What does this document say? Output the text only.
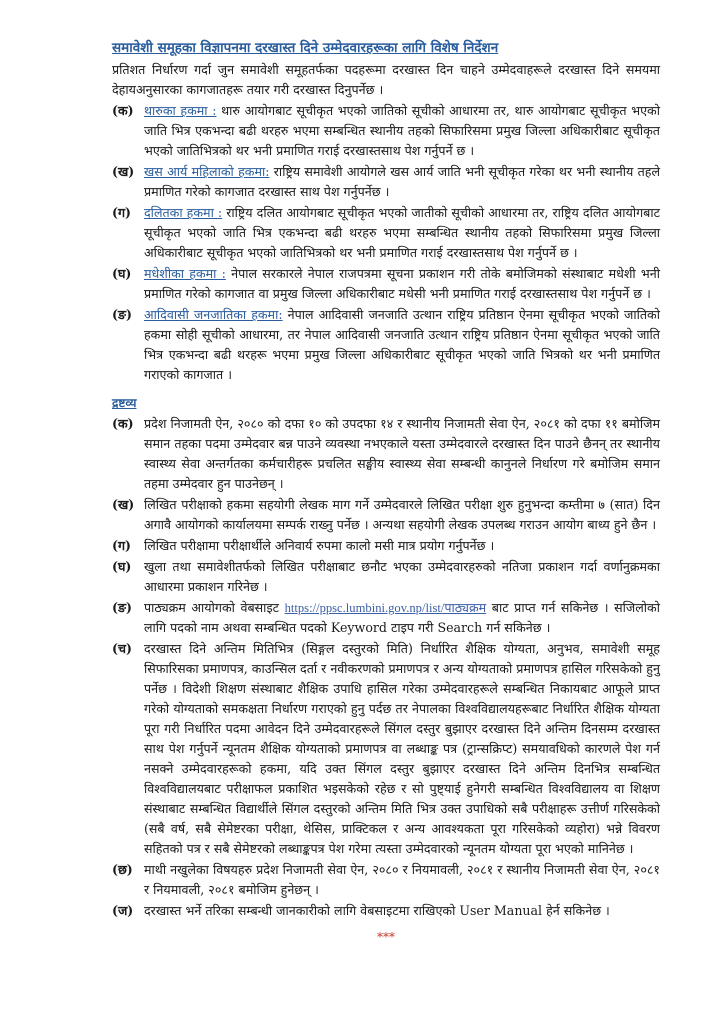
समावेशी समूहका विज्ञापनमा दरखास्त दिने उम्मेदवारहरूका लागि विशेष निर्देशन
प्रतिशत निर्धारण गर्दा जुन समावेशी समूहतर्फका पदहरूमा दरखास्त दिन चाहने उम्मेदवाहरूले दरखास्त दिने समयमा देहायअनुसारका कागजातहरू तयार गरी दरखास्त दिनुपर्नेछ ।
(क) थारुका हकमा : थारु आयोगबाट सूचीकृत भएको जातिको सूचीको आधारमा तर, थारु आयोगबाट सूचीकृत भएको जाति भित्र एकभन्दा बढी थरहरु भएमा सम्बन्धित स्थानीय तहको सिफारिसमा प्रमुख जिल्ला अधिकारीबाट सूचीकृत भएको जातिभित्रको थर भनी प्रमाणित गराई दरखास्तसाथ पेश गर्नुपर्ने छ ।
(ख) खस आर्य महिलाको हकमा: राष्ट्रिय समावेशी आयोगले खस आर्य जाति भनी सूचीकृत गरेका थर भनी स्थानीय तहले प्रमाणित गरेको कागजात दरखास्त साथ पेश गर्नुपर्नेछ ।
(ग)	दलितका हकमा : राष्ट्रिय दलित आयोगबाट सूचीकृत भएको जातीको सूचीको आधारमा तर, राष्ट्रिय दलित आयोगबाट सूचीकृत भएको जाति भित्र एकभन्दा बढी थरहरु भएमा सम्बन्धित स्थानीय तहको सिफारिसमा प्रमुख जिल्ला अधिकारीबाट सूचीकृत भएको जातिभित्रको थर भनी प्रमाणित गराई दरखास्तसाथ पेश गर्नुपर्ने छ ।
(घ)	मधेशीका हकमा : नेपाल सरकारले नेपाल राजपत्रमा सूचना प्रकाशन गरी तोके बमोजिमको संस्थाबाट मधेशी भनी प्रमाणित गरेको कागजात वा प्रमुख जिल्ला अधिकारीबाट मधेसी भनी प्रमाणित गराई दरखास्तसाथ पेश गर्नुपर्ने छ ।
(ङ) आदिवासी जनजातिका हकमा: नेपाल आदिवासी जनजाति उत्थान राष्ट्रिय प्रतिष्ठान ऐनमा सूचीकृत भएको जातिको हकमा सोही सूचीको आधारमा, तर नेपाल आदिवासी जनजाति उत्थान राष्ट्रिय प्रतिष्ठान ऐनमा सूचीकृत भएको जाति भित्र एकभन्दा बढी थरहरू भएमा प्रमुख जिल्ला अधिकारीबाट सूचीकृत भएको जाति भित्रको थर भनी प्रमाणित गराएको कागजात ।
द्रष्टव्य
(क) प्रदेश निजामती ऐन, २०८० को दफा १० को उपदफा १४ र स्थानीय निजामती सेवा ऐन, २०८१ को दफा ११ बमोजिम समान तहका पदमा उम्मेदवार बन्न पाउने व्यवस्था नभएकाले यस्ता उम्मेदवारले दरखास्त दिन पाउने छैनन् तर स्थानीय स्वास्थ्य सेवा अन्तर्गतका कर्मचारीहरू प्रचलित सङ्घीय स्वास्थ्य सेवा सम्बन्धी कानुनले निर्धारण गरे बमोजिम समान तहमा उम्मेदवार हुन पाउनेछन् ।
(ख) लिखित परीक्षाको हकमा सहयोगी लेखक माग गर्ने उम्मेदवारले लिखित परीक्षा शुरु हुनुभन्दा कम्तीमा ७ (सात) दिन अगावै आयोगको कार्यालयमा सम्पर्क राख्नु पर्नेछ । अन्यथा सहयोगी लेखक उपलब्ध गराउन आयोग बाध्य हुने छैन ।
(ग)	लिखित परीक्षामा परीक्षार्थीले अनिवार्य रुपमा कालो मसी मात्र प्रयोग गर्नुपर्नेछ ।
(घ)	खुला तथा समावेशीतर्फको लिखित परीक्षाबाट छनौट भएका उम्मेदवारहरुको नतिजा प्रकाशन गर्दा वर्णानुक्रमका आधारमा प्रकाशन गरिनेछ ।
(ङ) पाठ्यक्रम आयोगको वेबसाइट https://ppsc.lumbini.gov.np/list/पाठ्यक्रम बाट प्राप्त गर्न सकिनेछ । सजिलोको लागि पदको नाम अथवा सम्बन्धित पदको Keyword टाइप गरी Search गर्न सकिनेछ ।
(च) दरखास्त दिने अन्तिम मितिभित्र (सिङ्गल दस्तुरको मिति) निर्धारित शैक्षिक योग्यता, अनुभव, समावेशी समूह सिफारिसका प्रमाणपत्र, काउन्सिल दर्ता र नवीकरणको प्रमाणपत्र र अन्य योग्यताको प्रमाणपत्र हासिल गरिसकेको हुनु पर्नेछ । विदेशी शिक्षण संस्थाबाट शैक्षिक उपाधि हासिल गरेका उम्मेदवारहरूले सम्बन्धित निकायबाट आफूले प्राप्त गरेको योग्यताको समकक्षता निर्धारण गराएको हुनु पर्दछ तर नेपालका विश्वविद्यालयहरूबाट निर्धारित शैक्षिक योग्यता पूरा गरी निर्धारित पदमा आवेदन दिने उम्मेदवारहरूले सिंगल दस्तुर बुझाएर दरखास्त दिने अन्तिम दिनसम्म दरखास्त साथ पेश गर्नुपर्ने न्यूनतम शैक्षिक योग्यताको प्रमाणपत्र वा लब्धाङ्क पत्र (ट्रान्सक्रिप्ट) समयावधिको कारणले पेश गर्न नसक्ने उम्मेदवारहरूको हकमा, यदि उक्त सिंगल दस्तुर बुझाएर दरखास्त दिने अन्तिम दिनभित्र सम्बन्धित विश्वविद्यालयबाट परीक्षाफल प्रकाशित भइसकेको रहेछ र सो पुष्ट्याई हुनेगरी सम्बन्धित विश्वविद्यालय वा शिक्षण संस्थाबाट सम्बन्धित विद्यार्थीले सिंगल दस्तुरको अन्तिम मिति भित्र उक्त उपाधिको सबै परीक्षाहरू उत्तीर्ण गरिसकेको (सबै वर्ष, सबै सेमेष्टरका परीक्षा, थेसिस, प्राक्टिकल र अन्य आवश्यकता पूरा गरिसकेको व्यहोरा) भन्ने विवरण सहितको पत्र र सबै सेमेष्टरको लब्धाङ्कपत्र पेश गरेमा त्यस्ता उम्मेदवारको न्यूनतम योग्यता पूरा भएको मानिनेछ ।
(छ) माथी नखुलेका विषयहरु प्रदेश निजामती सेवा ऐन, २०८० र नियमावली, २०८१ र स्थानीय निजामती सेवा ऐन, २०८१ र नियमावली, २०८१ बमोजिम हुनेछन् ।
(ज) दरखास्त भर्ने तरिका सम्बन्धी जानकारीको लागि वेबसाइटमा राखिएको User Manual हेर्न सकिनेछ ।
***
